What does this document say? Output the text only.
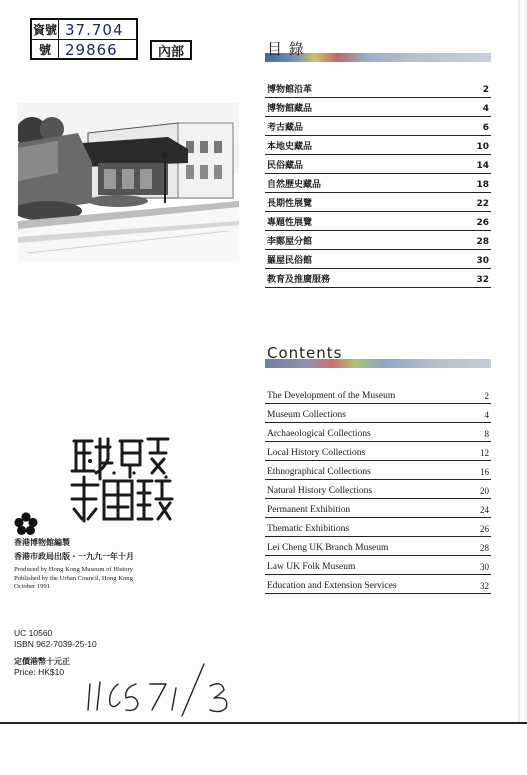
資號 37.704
號 29866	內部	目 錄
博物館沿革	2
博物館藏品	4
考古藏品	6
本地史藏品	10
民俗藏品	14
自然歷史藏品	18
長期性展覽	22
專題性展覽	26
李鄭屋分館	28
羅屋民俗館	30
教育及推廣服務	32
Contents
The Development of the Museum	2
Museum Collections	4
Archaeological Collections	8
Local History Collections	12
Ethnographical Collections	16
Natural History Collections	20
Permanent Exhibition	24
Thematic Exhibitions	26
Lei Cheng UK Branch Museum	28
Law UK Folk Museum	30
Education and Extension Services	32
香港博物館編製
香港市政局出版・一九九一年十月
Produced by Hong Kong Museum of History
Published by the Urban Council, Hong Kong
October 1991
UC 10560
ISBN 962-7039-25-10
定價港幣十元正
Price: HK$10
